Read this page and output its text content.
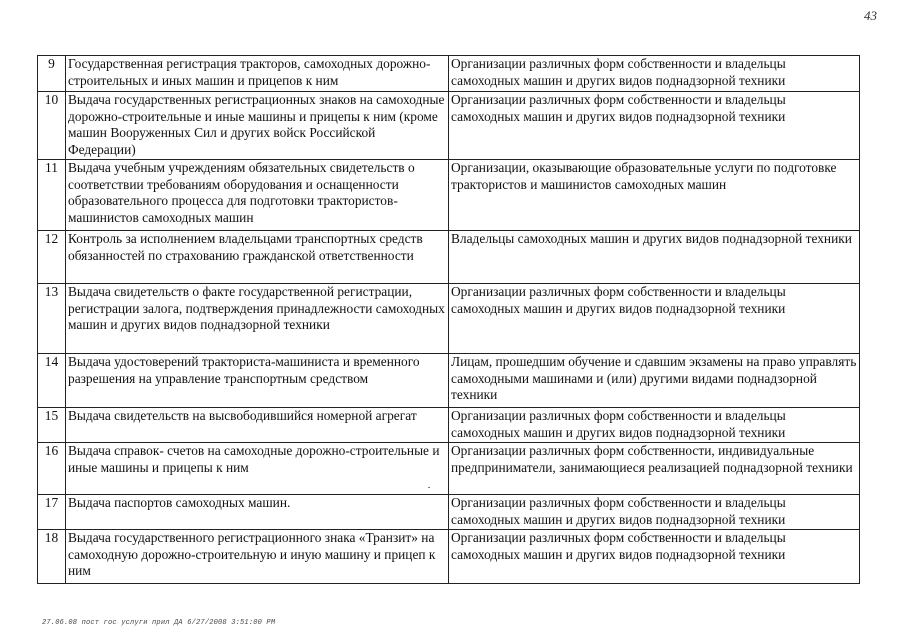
43
9	Государственная регистрация тракторов, самоходных дорожно-строительных и иных машин и прицепов к ним	Организации различных форм собственности и владельцы самоходных машин и других видов поднадзорной техники
10	Выдача государственных регистрационных знаков на самоходные дорожно-строительные и иные машины и прицепы к ним (кроме машин Вооруженных Сил и других войск Российской Федерации)	Организации различных форм собственности и владельцы самоходных машин и других видов поднадзорной техники
11	Выдача учебным учреждениям обязательных свидетельств о соответствии требованиям оборудования и оснащенности образовательного процесса для подготовки трактористов- машинистов самоходных машин	Организации, оказывающие образовательные услуги по подготовке трактористов и машинистов самоходных машин
12	Контроль за исполнением владельцами транспортных средств обязанностей по страхованию гражданской ответственности	Владельцы самоходных машин и других видов поднадзорной техники
13	Выдача свидетельств о факте государственной регистрации, регистрации залога, подтверждения принадлежности самоходных машин и других видов поднадзорной техники	Организации различных форм собственности и владельцы самоходных машин и других видов поднадзорной техники
14	Выдача удостоверений тракториста-машиниста и временного разрешения на управление транспортным средством	Лицам, прошедшим обучение и сдавшим экзамены на право управлять самоходными машинами и (или) другими видами поднадзорной техники
15	Выдача свидетельств на высвободившийся номерной агрегат	Организации различных форм собственности и владельцы самоходных машин и других видов поднадзорной техники
16	Выдача справок- счетов на самоходные дорожно-строительные и иные машины и прицепы к ним	Организации различных форм собственности, индивидуальные предприниматели, занимающиеся реализацией поднадзорной техники
17	Выдача паспортов самоходных машин.	Организации различных форм собственности и владельцы самоходных машин и других видов поднадзорной техники
18	Выдача государственного регистрационного знака «Транзит» на самоходную дорожно-строительную и иную машину и прицеп к ним	Организации различных форм собственности и владельцы самоходных машин и других видов поднадзорной техники
27.06.08 пост гос услуги прил ДА 6/27/2008 3:51:00 PM
